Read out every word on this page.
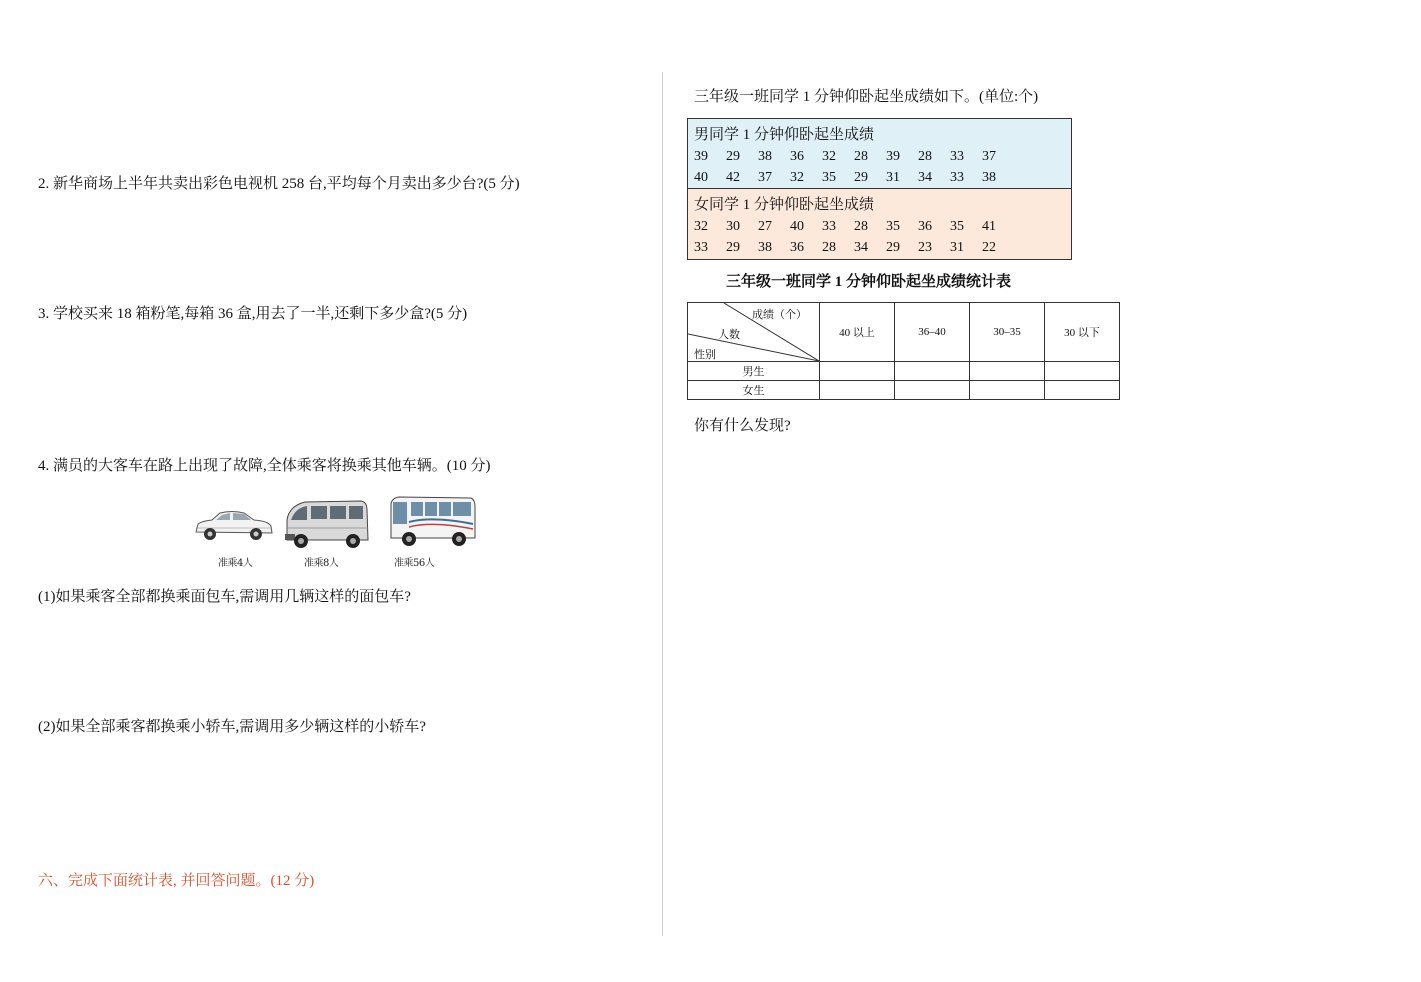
2. 新华商场上半年共卖出彩色电视机 258 台,平均每个月卖出多少台?(5 分)
3. 学校买来 18 箱粉笔,每箱 36 盒,用去了一半,还剩下多少盒?(5 分)
4. 满员的大客车在路上出现了故障,全体乘客将换乘其他车辆。(10 分)
准乘4人	准乘8人	准乘56人
(1)如果乘客全部都换乘面包车,需调用几辆这样的面包车?
(2)如果全部乘客都换乘小轿车,需调用多少辆这样的小轿车?
六、完成下面统计表, 并回答问题。(12 分)
三年级一班同学 1 分钟仰卧起坐成绩如下。(单位:个)
男同学 1 分钟仰卧起坐成绩
39	29	38	36	32	28	39	28	33	37
40	42	37	32	35	29	31	34	33	38
女同学 1 分钟仰卧起坐成绩
32	30	27	40	33	28	35	36	35	41
33	29	38	36	28	34	29	23	31	22
三年级一班同学 1 分钟仰卧起坐成绩统计表
成绩（个）
人数
性别	40 以上	36–40	30–35	30 以下
男生				
女生				
你有什么发现?
